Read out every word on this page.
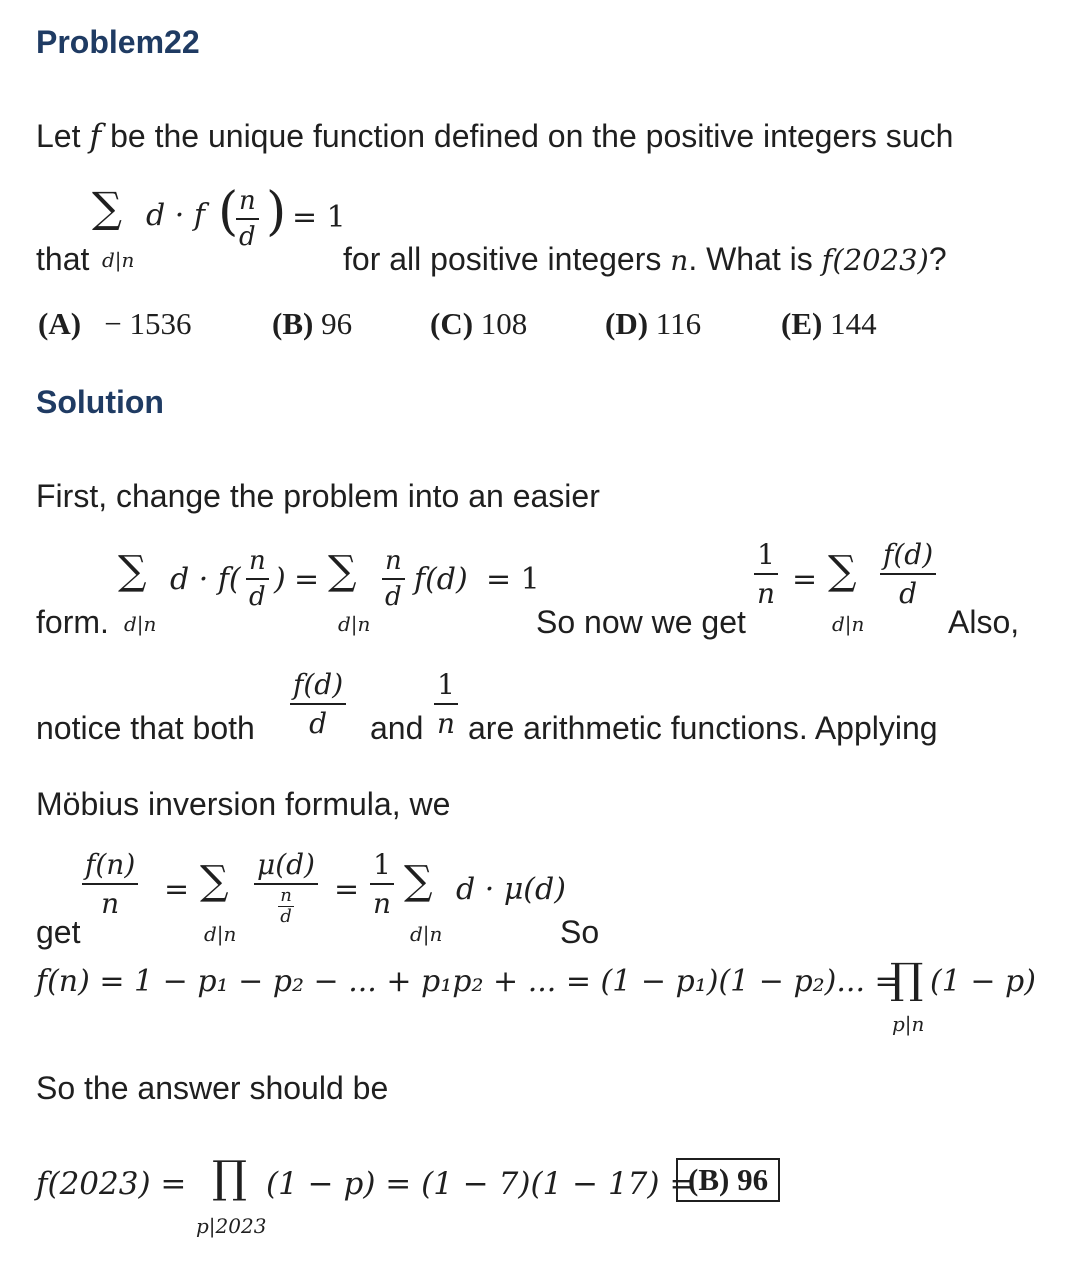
Problem22
Let f be the unique function defined on the positive integers such
that
∑
d|n
d · f ( n
d ) = 1
for all positive integers n. What is f(2023)?
(A) − 1536	(B) 96	(C) 108	(D) 116	(E) 144
Solution
First, change the problem into an easier
form.
∑
d|n
d · f(
n
d ) = ∑
d|n
n
d f(d) = 1
So now we get
1
n = ∑
d|n
f(d)
d
Also,
notice that both
f(d)
d and
1
n are arithmetic functions. Applying
Möbius inversion formula, we
get
f(n)
n = ∑
d|n
μ(d)
n
d
=
1
n ∑
d|n
d · μ(d)
So
f(n) = 1 − p₁ − p₂ − ... + p₁p₂ + ... = (1 − p₁)(1 − p₂)... =
∏ (1 − p)
p|n
So the answer should be
f(2023) = ∏
p|2023
(1 − p) = (1 − 7)(1 − 17) =
(B) 96
